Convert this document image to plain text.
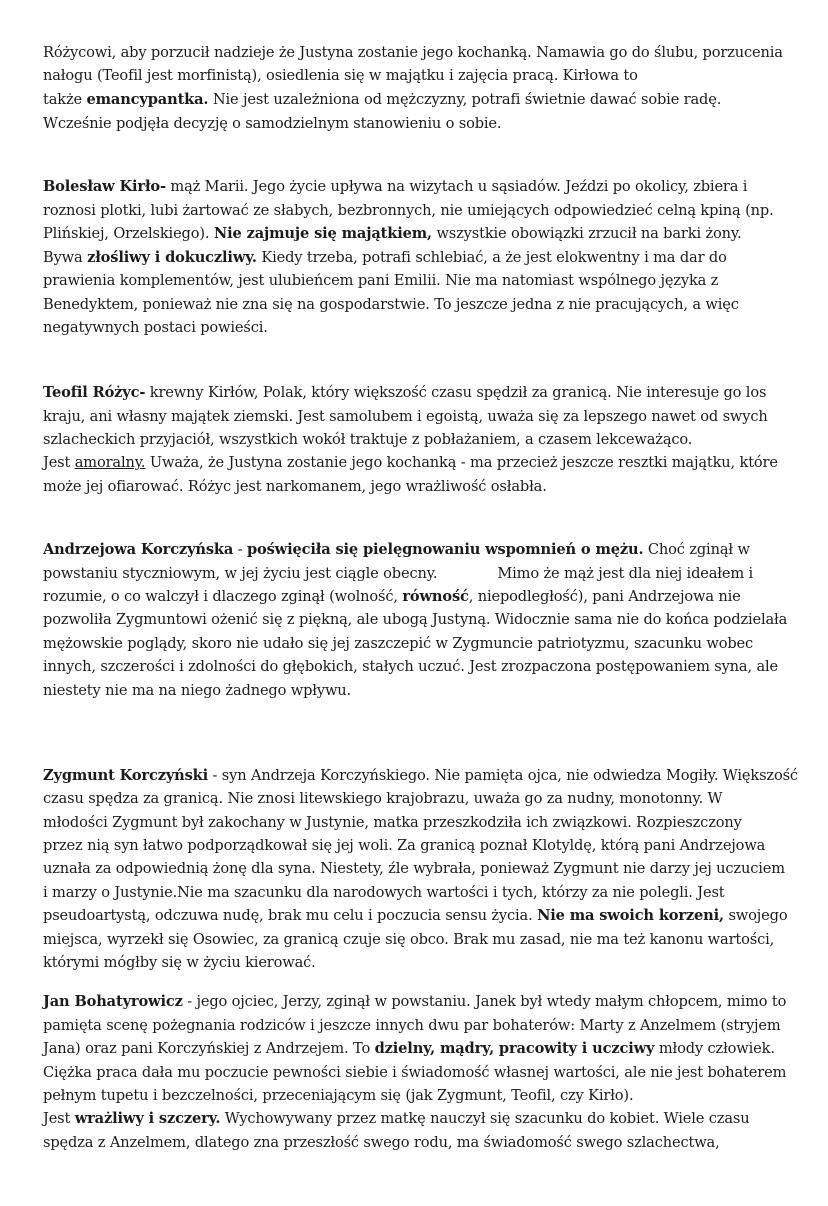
Różycowi, aby porzucił nadzieje że Justyna zostanie jego kochanką. Namawia go do ślubu, porzucenia
nałogu (Teofil jest morfinistą), osiedlenia się w majątku i zajęcia pracą. Kirłowa to
także emancypantka. Nie jest uzależniona od mężczyzny, potrafi świetnie dawać sobie radę.
Wcześnie podjęła decyzję o samodzielnym stanowieniu o sobie.
Bolesław Kirło- mąż Marii. Jego życie upływa na wizytach u sąsiadów. Jeździ po okolicy, zbiera i
roznosi plotki, lubi żartować ze słabych, bezbronnych, nie umiejących odpowiedzieć celną kpiną (np.
Plińskiej, Orzelskiego). Nie zajmuje się majątkiem, wszystkie obowiązki zrzucił na barki żony.
Bywa złośliwy i dokuczliwy. Kiedy trzeba, potrafi schlebiać, a że jest elokwentny i ma dar do
prawienia komplementów, jest ulubieńcem pani Emilii. Nie ma natomiast wspólnego języka z
Benedyktem, ponieważ nie zna się na gospodarstwie. To jeszcze jedna z nie pracujących, a więc
negatywnych postaci powieści.
Teofil Różyc- krewny Kirłów, Polak, który większość czasu spędził za granicą. Nie interesuje go los
kraju, ani własny majątek ziemski. Jest samolubem i egoistą, uważa się za lepszego nawet od swych
szlacheckich przyjaciół, wszystkich wokół traktuje z pobłażaniem, a czasem lekceważąco.
Jest amoralny. Uważa, że Justyna zostanie jego kochanką - ma przecież jeszcze resztki majątku, które
może jej ofiarować. Różyc jest narkomanem, jego wrażliwość osłabła.
Andrzejowa Korczyńska - poświęciła się pielęgnowaniu wspomnień o mężu. Choć zginął w
powstaniu styczniowym, w jej życiu jest ciągle obecny.	Mimo że mąż jest dla niej ideałem i
rozumie, o co walczył i dlaczego zginął (wolność, równość, niepodległość), pani Andrzejowa nie
pozwoliła Zygmuntowi ożenić się z piękną, ale ubogą Justyną. Widocznie sama nie do końca podzielała
mężowskie poglądy, skoro nie udało się jej zaszczepić w Zygmuncie patriotyzmu, szacunku wobec
innych, szczerości i zdolności do głębokich, stałych uczuć. Jest zrozpaczona postępowaniem syna, ale
niestety nie ma na niego żadnego wpływu.
Zygmunt Korczyński - syn Andrzeja Korczyńskiego. Nie pamięta ojca, nie odwiedza Mogiły. Większość
czasu spędza za granicą. Nie znosi litewskiego krajobrazu, uważa go za nudny, monotonny. W
młodości Zygmunt był zakochany w Justynie, matka przeszkodziła ich związkowi. Rozpieszczony
przez nią syn łatwo podporządkował się jej woli. Za granicą poznał Klotyldę, którą pani Andrzejowa
uznała za odpowiednią żonę dla syna. Niestety, źle wybrała, ponieważ Zygmunt nie darzy jej uczuciem
i marzy o Justynie.Nie ma szacunku dla narodowych wartości i tych, którzy za nie polegli. Jest
pseudoartystą, odczuwa nudę, brak mu celu i poczucia sensu życia. Nie ma swoich korzeni, swojego
miejsca, wyrzekł się Osowiec, za granicą czuje się obco. Brak mu zasad, nie ma też kanonu wartości,
którymi mógłby się w życiu kierować.
Jan Bohatyrowicz - jego ojciec, Jerzy, zginął w powstaniu. Janek był wtedy małym chłopcem, mimo to
pamięta scenę pożegnania rodziców i jeszcze innych dwu par bohaterów: Marty z Anzelmem (stryjem
Jana) oraz pani Korczyńskiej z Andrzejem. To dzielny, mądry, pracowity i uczciwy młody człowiek.
Ciężka praca dała mu poczucie pewności siebie i świadomość własnej wartości, ale nie jest bohaterem
pełnym tupetu i bezczelności, przeceniającym się (jak Zygmunt, Teofil, czy Kirło).
Jest wrażliwy i szczery. Wychowywany przez matkę nauczył się szacunku do kobiet. Wiele czasu
spędza z Anzelmem, dlatego zna przeszłość swego rodu, ma świadomość swego szlachectwa,
